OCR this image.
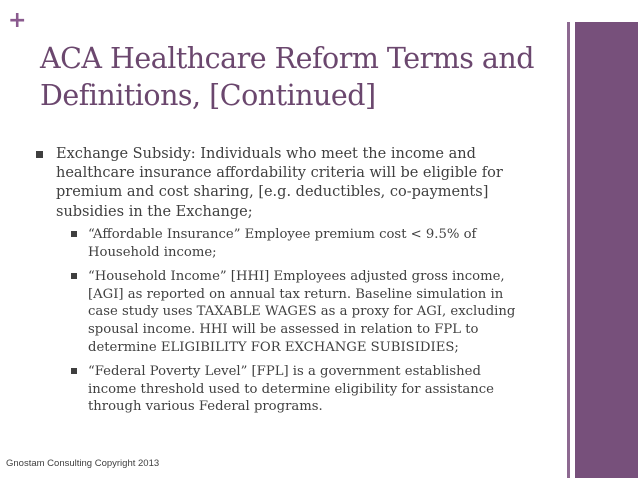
+
ACA Healthcare Reform Terms and
Definitions, [Continued]
Exchange Subsidy: Individuals who meet the income and
healthcare insurance affordability criteria will be eligible for
premium and cost sharing, [e.g. deductibles, co-payments]
subsidies in the Exchange;
“Affordable Insurance” Employee premium cost < 9.5% of
Household income;
“Household Income” [HHI] Employees adjusted gross income,
[AGI] as reported on annual tax return. Baseline simulation in
case study uses TAXABLE WAGES as a proxy for AGI, excluding
spousal income. HHI will be assessed in relation to FPL to
determine ELIGIBILITY FOR EXCHANGE SUBISIDIES;
“Federal Poverty Level” [FPL] is a government established
income threshold used to determine eligibility for assistance
through various Federal programs.
Gnostam Consulting Copyright 2013
